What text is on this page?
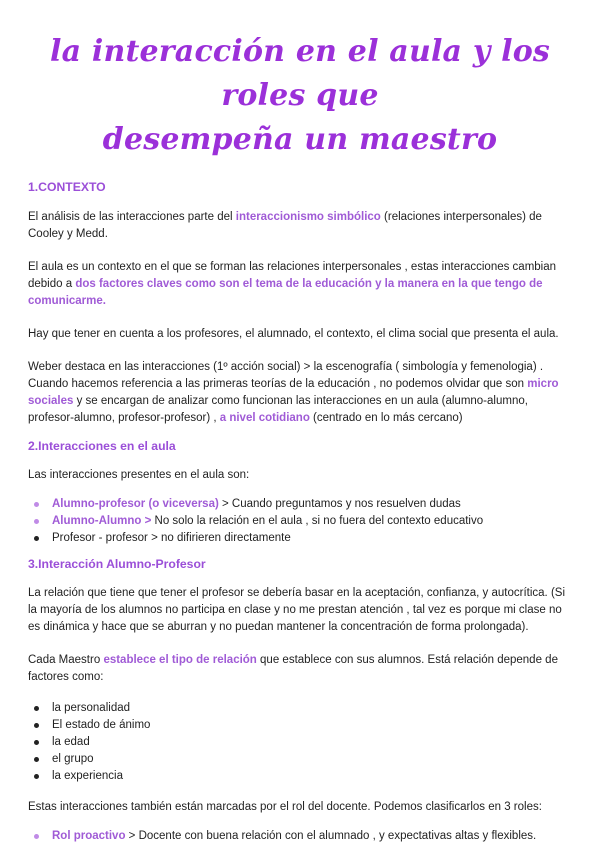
la interacción en el aula y los roles que
desempeña un maestro
1.CONTEXTO

El análisis de las interacciones parte del interaccionismo simbólico (relaciones interpersonales) de Cooley y Medd.

El aula es un contexto en el que se forman las relaciones interpersonales , estas interacciones cambian debido a dos factores claves como son el tema de la educación y la manera en la que tengo de comunicarme.

Hay que tener en cuenta a los profesores, el alumnado, el contexto, el clima social que presenta el aula.

Weber destaca en las interacciones (1º acción social) > la escenografía ( simbología y femenologia) . Cuando hacemos referencia a las primeras teorías de la educación , no podemos olvidar que son micro sociales y se encargan de analizar como funcionan las interacciones en un aula (alumno-alumno, profesor-alumno, profesor-profesor) , a nivel cotidiano (centrado en lo más cercano)

2.Interacciones en el aula

Las interacciones presentes en el aula son:

Alumno-profesor (o viceversa) > Cuando preguntamos y nos resuelven dudas
Alumno-Alumno > No solo la relación en el aula , si no fuera del contexto educativo
Profesor - profesor > no difirieren directamente
3.Interacción Alumno-Profesor

La relación que tiene que tener el profesor se debería basar en la aceptación, confianza, y autocrítica. (Si la mayoría de los alumnos no participa en clase y no me prestan atención , tal vez es porque mi clase no es dinámica y hace que se aburran y no puedan mantener la concentración de forma prolongada).

Cada Maestro establece el tipo de relación que establece con sus alumnos. Está relación depende de factores como:

la personalidad
El estado de ánimo
la edad
el grupo
la experiencia

Estas interacciones también están marcadas por el rol del docente. Podemos clasificarlos en 3 roles:

Rol proactivo > Docente con buena relación con el alumnado , y expectativas altas y flexibles.
